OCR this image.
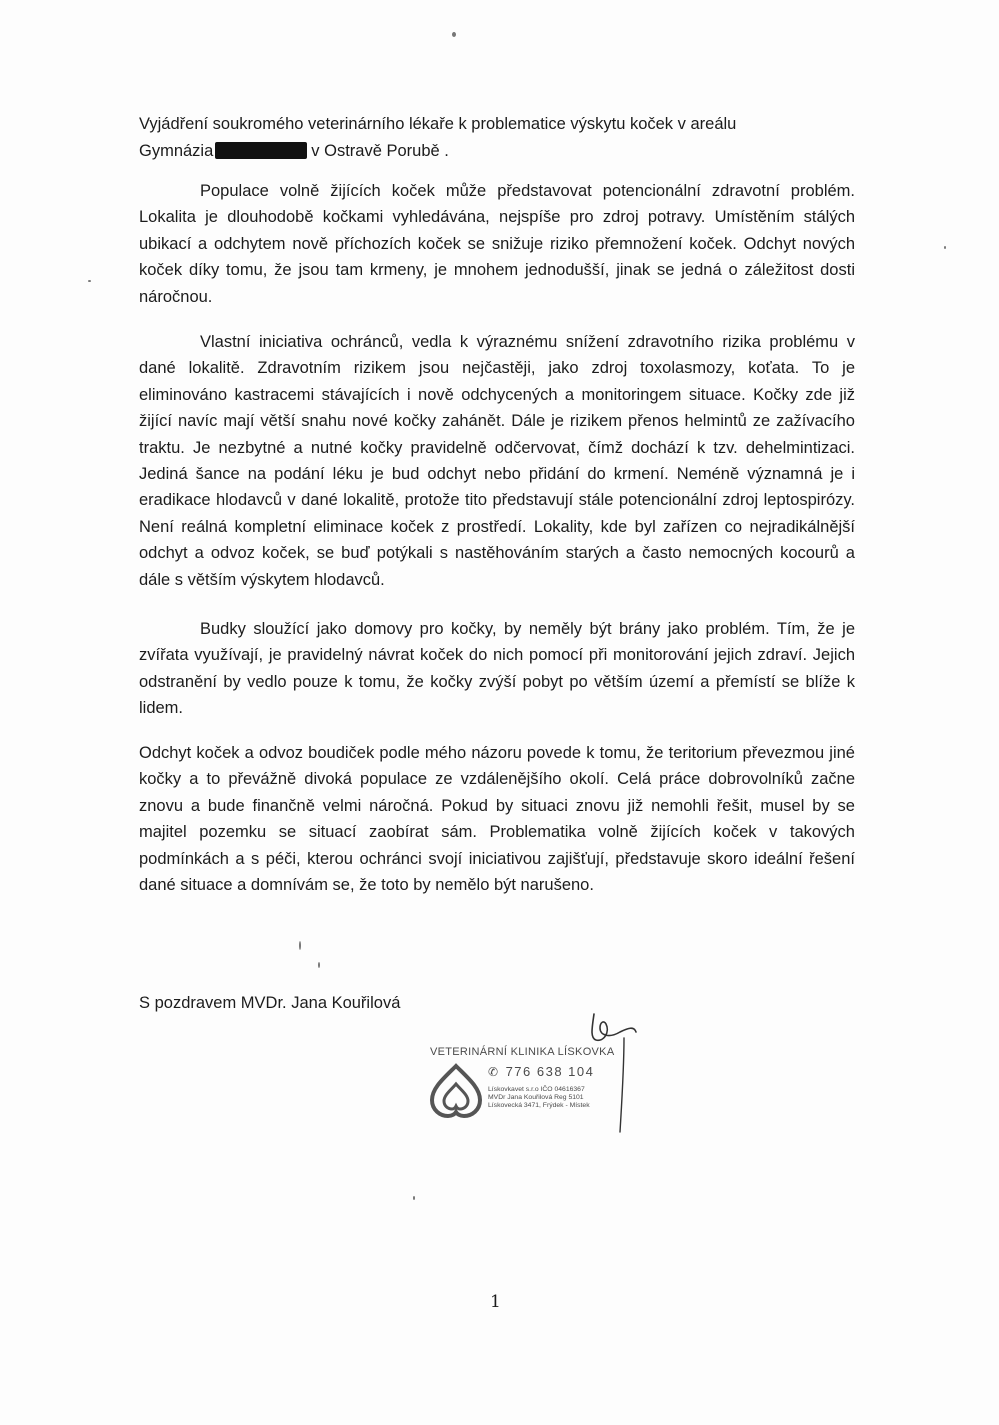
Vyjádření soukromého veterinárního lékaře k problematice výskytu koček v areálu
Gymnázia	v Ostravě Porubě .

Populace volně žijících koček může představovat potencionální zdravotní problém. Lokalita je dlouhodobě kočkami vyhledávána, nejspíše pro zdroj potravy. Umístěním stálých ubikací a odchytem nově příchozích koček se snižuje riziko přemnožení koček. Odchyt nových koček díky tomu, že jsou tam krmeny, je mnohem jednodušší, jinak se jedná o záležitost dosti náročnou.

Vlastní iniciativa ochránců, vedla k výraznému snížení zdravotního rizika problému v dané lokalitě. Zdravotním rizikem jsou nejčastěji, jako zdroj toxolasmozy, koťata. To je eliminováno kastracemi stávajících i nově odchycených a monitoringem situace. Kočky zde již žijící navíc mají větší snahu nové kočky zahánět. Dále je rizikem přenos helmintů ze zažívacího traktu. Je nezbytné a nutné kočky pravidelně odčervovat, čímž dochází k tzv. dehelmintizaci. Jediná šance na podání léku je bud odchyt nebo přidání do krmení. Neméně významná je i eradikace hlodavců v dané lokalitě, protože tito představují stále potencionální zdroj leptospirózy. Není reálná kompletní eliminace koček z prostředí. Lokality, kde byl zařízen co nejradikálnější odchyt a odvoz koček, se buď potýkali s nastěhováním starých a často nemocných kocourů a dále s větším výskytem hlodavců.

Budky sloužící jako domovy pro kočky, by neměly být brány jako problém. Tím, že je zvířata využívají, je pravidelný návrat koček do nich pomocí při monitorování jejich zdraví. Jejich odstranění by vedlo pouze k tomu, že kočky zvýší pobyt po větším území a přemístí se blíže k lidem.

Odchyt koček a odvoz boudiček podle mého názoru povede k tomu, že teritorium převezmou jiné kočky a to převážně divoká populace ze vzdálenějšího okolí. Celá práce dobrovolníků začne znovu a bude finančně velmi náročná. Pokud by situaci znovu již nemohli řešit, musel by se majitel pozemku se situací zaobírat sám. Problematika volně žijících koček v takových podmínkách a s péči, kterou ochránci svojí iniciativou zajišťují, představuje skoro ideální řešení dané situace a domnívám se, že toto by nemělo být narušeno.

S pozdravem MVDr. Jana Kouřilová
VETERINÁRNÍ KLINIKA LÍSKOVKA
✆ 776 638 104
Lískovkavet s.r.o IČO 04616367
MVDr Jana Kouřilová Reg 5101
Lískovecká 3471, Frýdek - Místek
1
